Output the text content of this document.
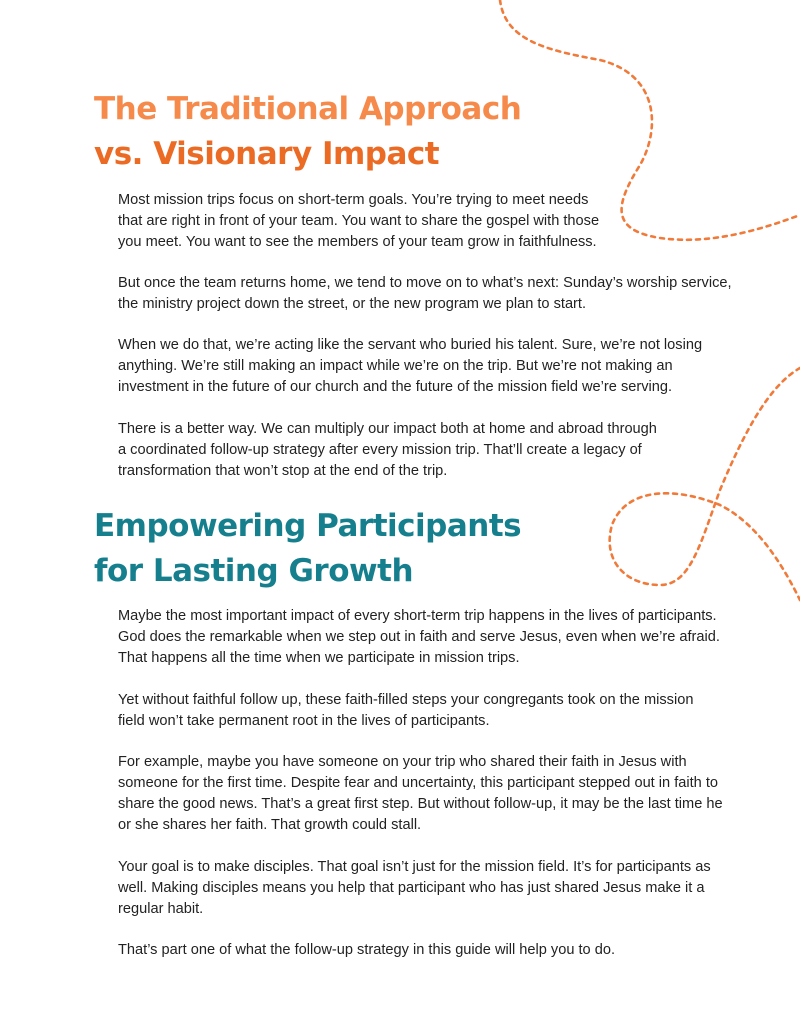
The Traditional Approach
vs. Visionary Impact

Most mission trips focus on short-term goals. You’re trying to meet needs
that are right in front of your team. You want to share the gospel with those
you meet. You want to see the members of your team grow in faithfulness.

But once the team returns home, we tend to move on to what’s next: Sunday’s worship service,
the ministry project down the street, or the new program we plan to start.

When we do that, we’re acting like the servant who buried his talent. Sure, we’re not losing
anything. We’re still making an impact while we’re on the trip. But we’re not making an
investment in the future of our church and the future of the mission field we’re serving.

There is a better way. We can multiply our impact both at home and abroad through
a coordinated follow-up strategy after every mission trip. That’ll create a legacy of
transformation that won’t stop at the end of the trip.

Empowering Participants
for Lasting Growth

Maybe the most important impact of every short-term trip happens in the lives of participants.
God does the remarkable when we step out in faith and serve Jesus, even when we’re afraid.
That happens all the time when we participate in mission trips.

Yet without faithful follow up, these faith-filled steps your congregants took on the mission
field won’t take permanent root in the lives of participants.

For example, maybe you have someone on your trip who shared their faith in Jesus with
someone for the first time. Despite fear and uncertainty, this participant stepped out in faith to
share the good news. That’s a great first step. But without follow-up, it may be the last time he
or she shares her faith. That growth could stall.

Your goal is to make disciples. That goal isn’t just for the mission field. It’s for participants as
well. Making disciples means you help that participant who has just shared Jesus make it a
regular habit.

That’s part one of what the follow-up strategy in this guide will help you to do.
